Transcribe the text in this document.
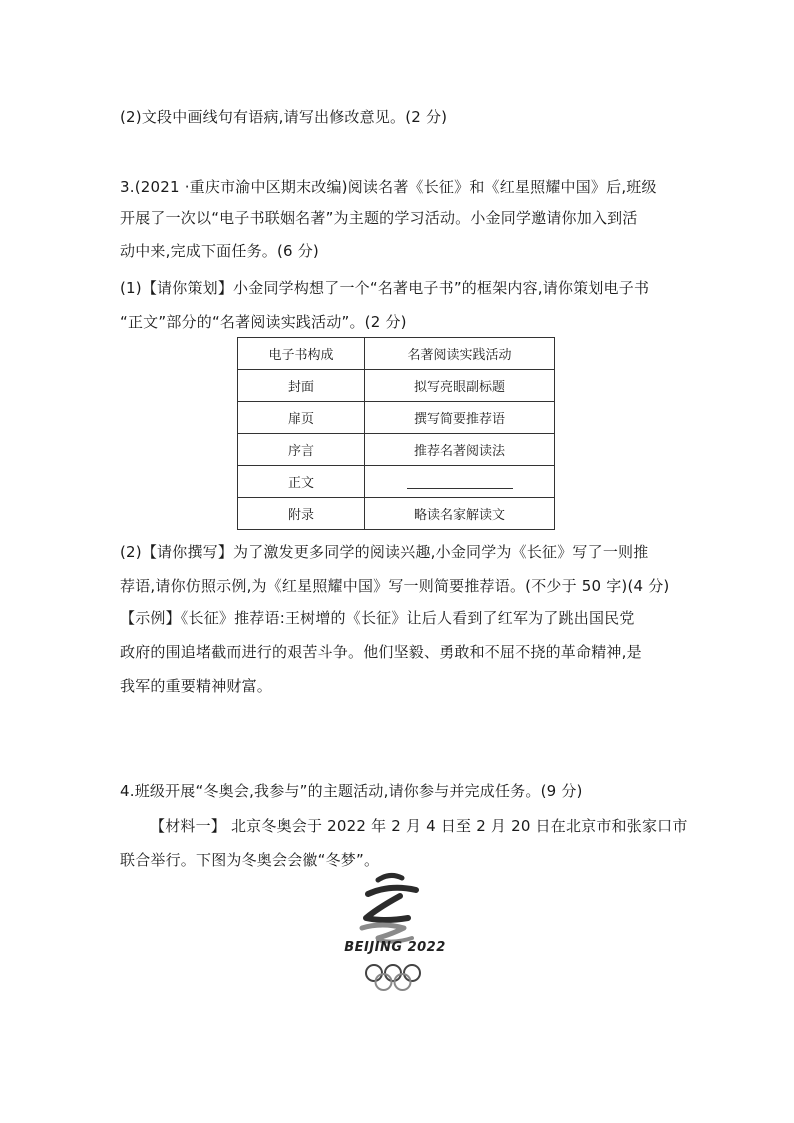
(2)文段中画线句有语病,请写出修改意见。(2 分)
3.(2021 ·重庆市渝中区期末改编)阅读名著《长征》和《红星照耀中国》后,班级
开展了一次以“电子书联姻名著”为主题的学习活动。小金同学邀请你加入到活
动中来,完成下面任务。(6 分)
(1)【请你策划】小金同学构想了一个“名著电子书”的框架内容,请你策划电子书
“正文”部分的“名著阅读实践活动”。(2 分)
电子书构成	名著阅读实践活动
封面	拟写亮眼副标题
扉页	撰写简要推荐语
序言	推荐名著阅读法
正文	
附录	略读名家解读文
(2)【请你撰写】为了激发更多同学的阅读兴趣,小金同学为《长征》写了一则推
荐语,请你仿照示例,为《红星照耀中国》写一则简要推荐语。(不少于 50 字)(4 分)
【示例】《长征》推荐语:王树增的《长征》让后人看到了红军为了跳出国民党
政府的围追堵截而进行的艰苦斗争。他们坚毅、勇敢和不屈不挠的革命精神,是
我军的重要精神财富。
4.班级开展“冬奥会,我参与”的主题活动,请你参与并完成任务。(9 分)
【材料一】 北京冬奥会于 2022 年 2 月 4 日至 2 月 20 日在北京市和张家口市
联合举行。下图为冬奥会会徽“冬梦”。
BEIJING 2022
